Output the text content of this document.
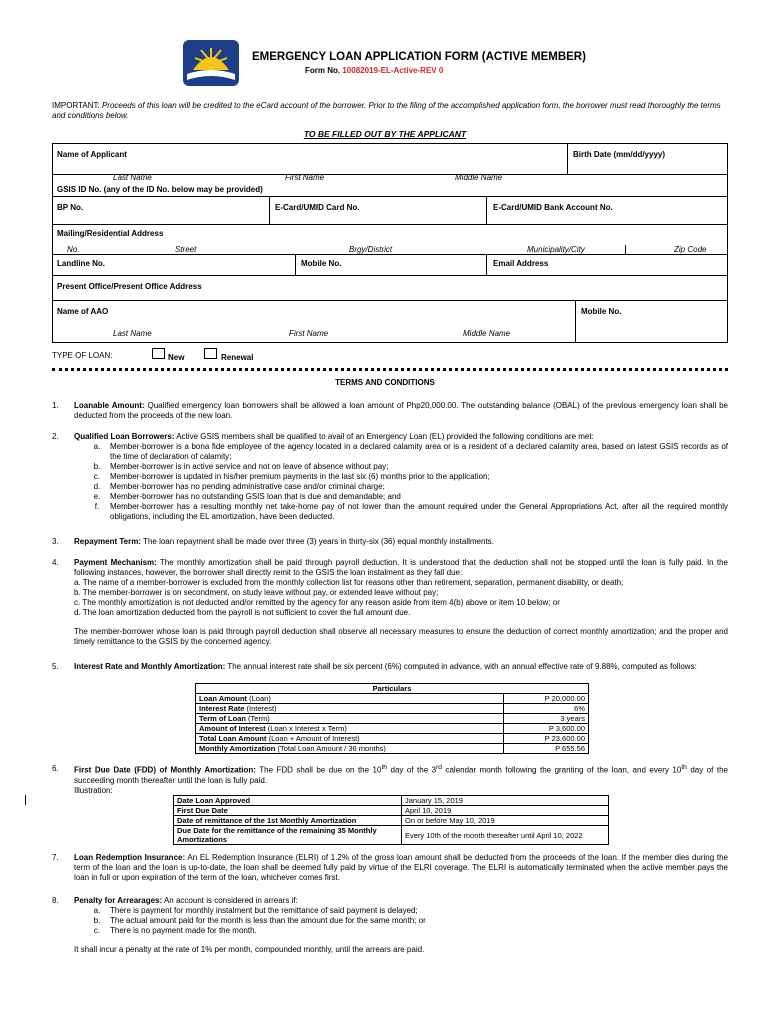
EMERGENCY LOAN APPLICATION FORM (ACTIVE MEMBER)
Form No. 10082019-EL-Active-REV 0
IMPORTANT: Proceeds of this loan will be credited to the eCard account of the borrower. Prior to the filing of the accomplished application form, the borrower must read thoroughly the terms and conditions below.
TO BE FILLED OUT BY THE APPLICANT
Name of Applicant	Birth Date (mm/dd/yyyy)
Last Name	First Name	Middle Name
GSIS ID No. (any of the ID No. below may be provided)
BP No.	E-Card/UMID Card No.	E-Card/UMID Bank Account No.
Mailing/Residential Address
No.	Street	Brgy/District	Municipality/City	Zip Code
Landline No.	Mobile No.	Email Address
Present Office/Present Office Address
Name of AAO	Mobile No.
Last Name	First Name	Middle Name
TYPE OF LOAN:	New	Renewal
TERMS AND CONDITIONS
1. Loanable Amount: Qualified emergency loan borrowers shall be allowed a loan amount of Php20,000.00. The outstanding balance (OBAL) of the previous emergency loan shall be deducted from the proceeds of the new loan.
2. Qualified Loan Borrowers: Active GSIS members shall be qualified to avail of an Emergency Loan (EL) provided the following conditions are met:
a.	Member-borrower is a bona fide employee of the agency located in a declared calamity area or is a resident of a declared calamity area, based on latest GSIS records as of the time of declaration of calamity;
b.	Member-borrower is in active service and not on leave of absence without pay;
c.	Member-borrower is updated in his/her premium payments in the last six (6) months prior to the application;
d.	Member-borrower has no pending administrative case and/or criminal charge;
e.	Member-borrower has no outstanding GSIS loan that is due and demandable; and
f.	Member-borrower has a resulting monthly net take-home pay of not lower than the amount required under the General Appropriations Act, after all the required monthly obligations, including the EL amortization, have been deducted.
3. Repayment Term: The loan repayment shall be made over three (3) years in thirty-six (36) equal monthly installments.
4. Payment Mechanism: The monthly amortization shall be paid through payroll deduction. It is understood that the deduction shall not be stopped until the loan is fully paid. In the following instances, however, the borrower shall directly remit to the GSIS the loan instalment as they fall due:
a. The name of a member-borrower is excluded from the monthly collection list for reasons other than retirement, separation, permanent disability, or death;
b. The member-borrower is on secondment, on study leave without pay, or extended leave without pay;
c. The monthly amortization is not deducted and/or remitted by the agency for any reason aside from item 4(b) above or item 10 below; or
d. The loan amortization deducted from the payroll is not sufficient to cover the full amount due.
The member-borrower whose loan is paid through payroll deduction shall observe all necessary measures to ensure the deduction of correct monthly amortization; and the proper and timely remittance to the GSIS by the concerned agency.
5. Interest Rate and Monthly Amortization: The annual interest rate shall be six percent (6%) computed in advance, with an annual effective rate of 9.88%, computed as follows:
Particulars	
Loan Amount (Loan)	P 20,000.00
Interest Rate (Interest)	6%
Term of Loan (Term)	3 years
Amount of Interest (Loan x Interest x Term)	P 3,600.00
Total Loan Amount (Loan + Amount of Interest)	P 23,600.00
Monthly Amortization (Total Loan Amount / 36 months)	P 655.56
6. First Due Date (FDD) of Monthly Amortization: The FDD shall be due on the 10th day of the 3rd calendar month following the granting of the loan, and every 10th day of the succeeding month thereafter until the loan is fully paid.
Illustration:
Date Loan Approved	January 15, 2019
First Due Date	April 10, 2019
Date of remittance of the 1st Monthly Amortization	On or before May 10, 2019
Due Date for the remittance of the remaining 35 Monthly Amortizations	Every 10th of the month thereafter until April 10, 2022
7. Loan Redemption Insurance: An EL Redemption Insurance (ELRI) of 1.2% of the gross loan amount shall be deducted from the proceeds of the loan. If the member dies during the term of the loan and the loan is up-to-date, the loan shall be deemed fully paid by virtue of the ELRI coverage. The ELRI is automatically terminated when the active member pays the loan in full or upon expiration of the term of the loan, whichever comes first.
8. Penalty for Arrearages: An account is considered in arrears if:
a.	There is payment for monthly instalment but the remittance of said payment is delayed;
b.	The actual amount paid for the month is less than the amount due for the same month; or
c.	There is no payment made for the month.
It shall incur a penalty at the rate of 1% per month, compounded monthly, until the arrears are paid.
